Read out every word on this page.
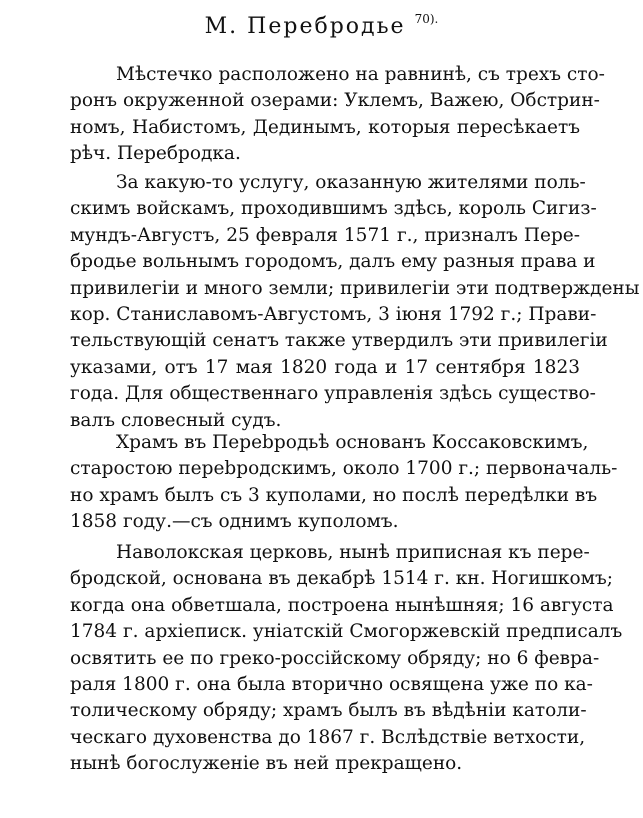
М. Перебродье $^{70).}$
Мѣстечко расположено на равнинѣ, съ трехъ сто-
ронъ окруженной озерами: Уклемъ, Важею, Обстрин-
номъ, Набистомъ, Дединымъ, которыя пересѣкаетъ
рѣч. Перебродка.
За какую-то услугу, оказанную жителями поль-
скимъ войскамъ, проходившимъ здѣсь, король Сигиз-
мундъ-Августъ, 25 февраля 1571 г., призналъ Пере-
бродье вольнымъ городомъ, далъ ему разныя права и
привилегіи и много земли; привилегіи эти подтверждены
кор. Станиславомъ-Августомъ, 3 іюня 1792 г.; Прави-
тельствующій сенатъ также утвердилъ эти привилегіи
указами, отъ 17 мая 1820 года и 17 сентября 1823
года. Для общественнаго управленія здѣсь существо-
валъ словесный судъ.
Храмъ въ Переbродьѣ основанъ Коссаковскимъ,
старостою переbродскимъ, около 1700 г.; первоначаль-
но храмъ былъ съ 3 куполами, но послѣ передѣлки въ
1858 году.—съ однимъ куполомъ.
Наволокская церковь, нынѣ приписная къ пере-
бродской, основана въ декабрѣ 1514 г. кн. Ногишкомъ;
когда она обветшала, построена нынѣшняя; 16 августа
1784 г. архіеписк. уніатскій Смогоржевскій предписалъ
освятить ее по греко-россійскому обряду; но 6 февра-
раля 1800 г. она была вторично освящена уже по ка-
толическому обряду; храмъ былъ въ вѣдѣніи католи-
ческаго духовенства до 1867 г. Вслѣдствіе ветхости,
нынѣ богослуженіе въ ней прекращено.
